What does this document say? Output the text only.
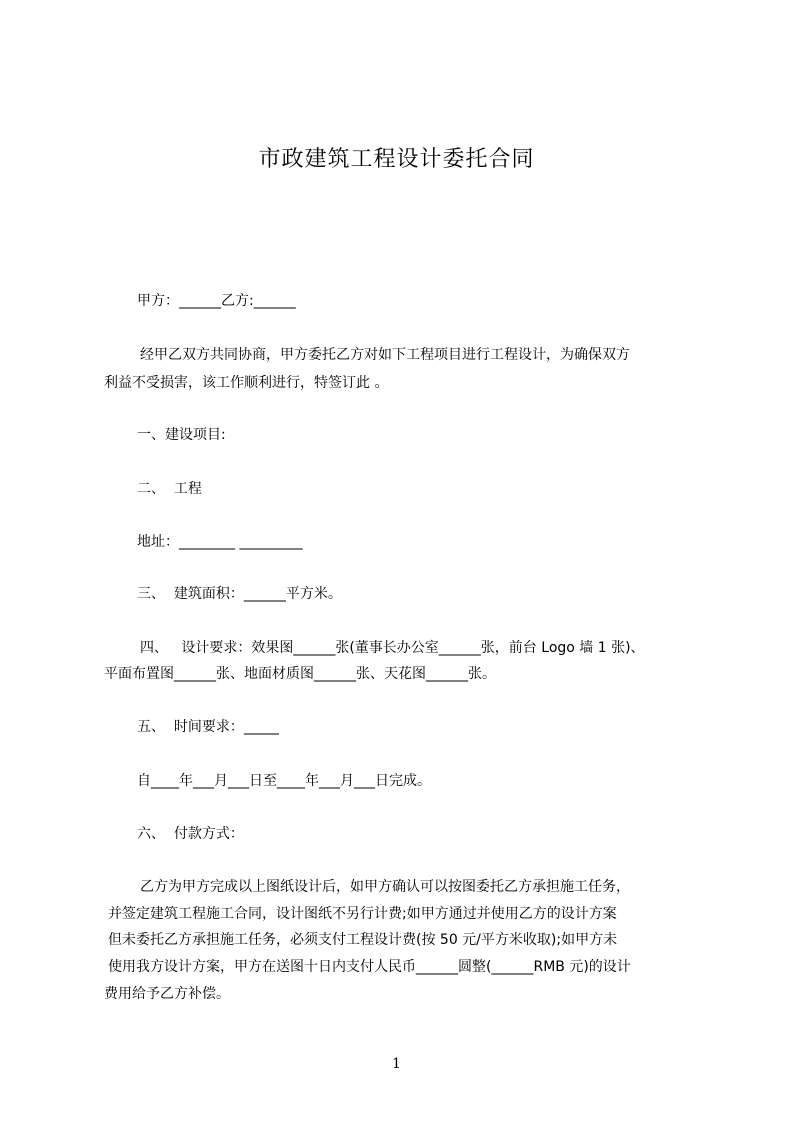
市政建筑工程设计委托合同
甲方：______乙方:______
经甲乙双方共同协商，甲方委托乙方对如下工程项目进行工程设计，为确保双方
利益不受损害，该工作顺利进行，特签订此 。
一、建设项目:
二、  工程
地址：________ _________
三、  建筑面积：______平方米。
四、   设计要求：效果图______张(董事长办公室______张，前台 Logo 墙 1 张)、
平面布置图______张、地面材质图______张、天花图______张。
五、  时间要求：_____
自____年___月___日至____年___月___日完成。
六、  付款方式：
乙方为甲方完成以上图纸设计后，如甲方确认可以按图委托乙方承担施工任务，
并签定建筑工程施工合同，设计图纸不另行计费;如甲方通过并使用乙方的设计方案
但未委托乙方承担施工任务，必须支付工程设计费(按 50 元/平方米收取);如甲方未
使用我方设计方案，甲方在送图十日内支付人民币______圆整(______RMB 元)的设计
费用给予乙方补偿。
1
